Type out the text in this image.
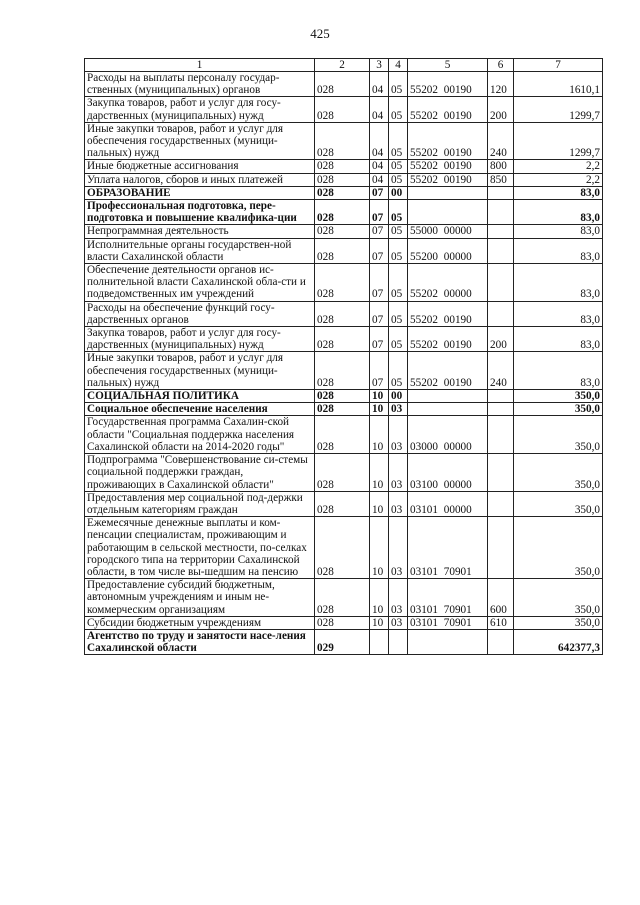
425
1	2	3	4	5	6	7
Расходы на выплаты персоналу государ-ственных (муниципальных) органов	028	04	05	55202 00190	120	1610,1
Закупка товаров, работ и услуг для госу-дарственных (муниципальных) нужд	028	04	05	55202 00190	200	1299,7
Иные закупки товаров, работ и услуг для обеспечения государственных (муници-пальных) нужд	028	04	05	55202 00190	240	1299,7
Иные бюджетные ассигнования	028	04	05	55202 00190	800	2,2
Уплата налогов, сборов и иных платежей	028	04	05	55202 00190	850	2,2
ОБРАЗОВАНИЕ	028	07	00			83,0
Профессиональная подготовка, пере-подготовка и повышение квалифика-ции	028	07	05			83,0
Непрограммная деятельность	028	07	05	55000 00000		83,0
Исполнительные органы государствен-ной власти Сахалинской области	028	07	05	55200 00000		83,0
Обеспечение деятельности органов ис-полнительной власти Сахалинской обла-сти и подведомственных им учреждений	028	07	05	55202 00000		83,0
Расходы на обеспечение функций госу-дарственных органов	028	07	05	55202 00190		83,0
Закупка товаров, работ и услуг для госу-дарственных (муниципальных) нужд	028	07	05	55202 00190	200	83,0
Иные закупки товаров, работ и услуг для обеспечения государственных (муници-пальных) нужд	028	07	05	55202 00190	240	83,0
СОЦИАЛЬНАЯ ПОЛИТИКА	028	10	00			350,0
Социальное обеспечение населения	028	10	03			350,0
Государственная программа Сахалин-ской области "Социальная поддержка населения Сахалинской области на 2014-2020 годы"	028	10	03	03000 00000		350,0
Подпрограмма "Совершенствование си-стемы социальной поддержки граждан, проживающих в Сахалинской области"	028	10	03	03100 00000		350,0
Предоставления мер социальной под-держки отдельным категориям граждан	028	10	03	03101 00000		350,0
Ежемесячные денежные выплаты и ком-пенсации специалистам, проживающим и работающим в сельской местности, по-селках городского типа на территории Сахалинской области, в том числе вы-шедшим на пенсию	028	10	03	03101 70901		350,0
Предоставление субсидий бюджетным, автономным учреждениям и иным не-коммерческим организациям	028	10	03	03101 70901	600	350,0
Субсидии бюджетным учреждениям	028	10	03	03101 70901	610	350,0
Агентство по труду и занятости насе-ления Сахалинской области	029					642377,3
